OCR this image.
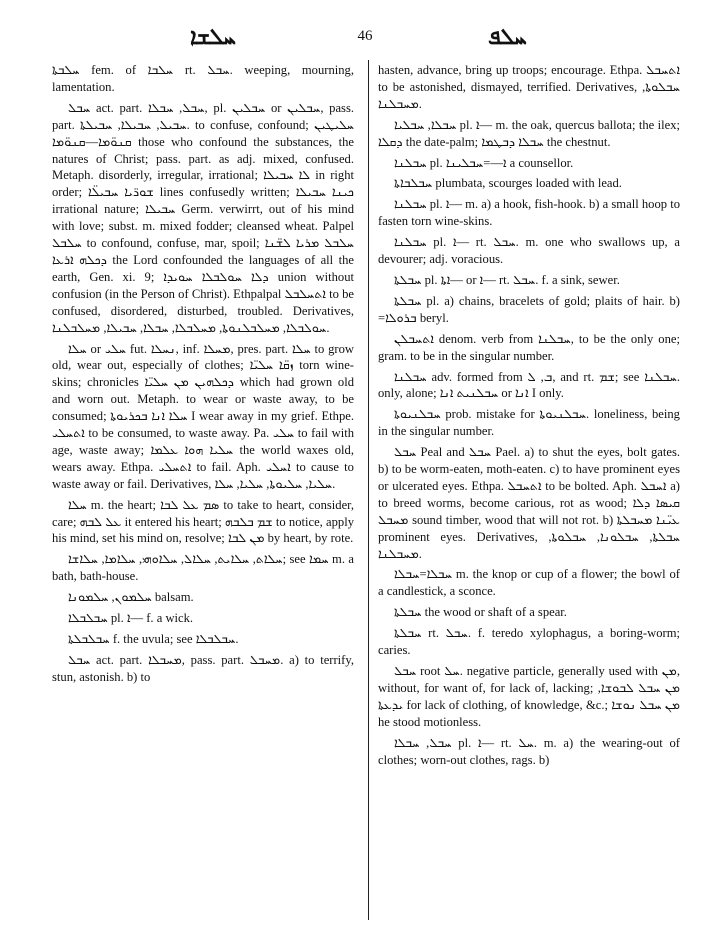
ܚܠܫܐ	46	ܚܠܦ

ܚܠܒܬܐ fem. of ܚܠܒܐ rt. ܚܒܠ. weeping, mourning, lamentation.

ܚܒܠ act. part. ܚܒܠ, ܚܒܠܐ, pl. ܚܒܠܝܢ or ܚܒܠܝܢ, pass. part. ܚܒܝܠ, ܚܒܝܠܐ, ܚܒܝܠܬܐ. to confuse, confound; ܚܠܝܛܝܢ ܩܢܘ̈ܡܐ—ܩܢܘ̈ܡܐ those who confound the substances, the natures of Christ; pass. part. as adj. mixed, confused. Metaph. disorderly, irregular, irrational; ܠܐ ܚܒܝܠܐ in right order; ܫܘܪ̈ܝܐ ܚܒܝܠ̈ܐ lines confusedly written; ܟܝܢܐ ܚܒܝܠܐ irrational nature; ܚܒܝܠܐ Germ. verwirrt, out of his mind with love; subst. m. mixed fodder; cleansed wheat. Palpel ܚܠܒܠ to confound, confuse, mar, spoil; ܚܠܒܠ ܡܪܝܐ ܠܫ̈ܢܐ ܕܟܠܗ ܐܪܥܐ the Lord confounded the languages of all the earth, Gen. xi. 9; ܕܠܐ ܚܘܠܒܠܐ ܚܘܝܕܐ union without confusion (in the Person of Christ). Ethpalpal ܐܬܚܠܒܠ to be confused, disordered, disturbed, troubled. Derivatives, ܚܘܠܒܠܐ, ܡܚܠܒܠܢܘܬܐ, ܡܚܠܒܠܐ, ܚܒܠܐ, ܚܒܝܠܐ, ܡܚܠܒܠܢܐ.

ܚܠܐ or ܚܠܝ fut. ܢܚܠܐ, inf. ܡܚܠܐ, pres. part. ܚܠܐ to grow old, wear out, especially of clothes; ܙܩ̈ܐ ܚܠܝ̈ܐ torn wine-skins; chronicles ܕܟܠܗܝܢ ܡܢ ܚܠܝ̈ܐ which had grown old and worn out. Metaph. to wear or waste away, to be consumed; ܚܠܐ ܐܢܐ ܒܟܪܝܘܬܐ I wear away in my grief. Ethpe. ܐܬܚܠܝ to be consumed, to waste away. Pa. ܚܠܝ to fail with age, waste away; ܚܠܝܐ ܗܘܐ ܥܠܡܐ the world waxes old, wears away. Ethpa. ܐܬܚܠܝ to fail. Aph. ܐܚܠܝ to cause to waste away or fail. Derivatives, ܚܠܝܐ, ܚܠܝܘܬܐ, ܚܠܝܐ, ܚܠܐ.

ܚܠܐ m. the heart; ܣܡ ܥܠ ܠܒܐ to take to heart, consider, care; ܥܠ ܠܒܗ it entered his heart; ܫܡ ܒܠܒܗ to notice, apply his mind, set his mind on, resolve; ܡܢ ܠܒܐ by heart, by rote.

ܚܠܐܬ, ܚܠܐܝܬ, ܚܠܐܠ, ܚܠܐܘܗܝ, ܚܠܐܡܐ, ܚܠܐܫܐ; see ܚܡܐ m. a bath, bath-house.

ܚܠܡܘܢ, ܚܠܡܘܢܐ balsam.

ܚܒܠܒܠܐ pl. ܐ— f. a wick.

ܚܒܠܒܠܬܐ f. the uvula; see ܚܒܠܒܠܐ.

ܚܒܠ act. part. ܡܚܒܠܐ, pass. part. ܡܚܒܠ. a) to terrify, stun, astonish. b) to

hasten, advance, bring up troops; encourage. Ethpa. ܐܬܚܒܠ to be astonished, dismayed, terrified. Derivatives, ܚܒܠܘܬܐ, ܡܚܒܠܢܐ.

ܚܒܠܐ, ܚܒܠܝܐ pl. ܐ— m. the oak, quercus ballota; the ilex; ܕܩܠܐ the date-palm; ܚܒܠܐ ܕܒܛܡܐ the chestnut.

ܚܒܠܢܐ pl. ܐ—=ܚܒܠܝܢܐ a counsellor.

ܚܒܠܒܐܬܐ plumbata, scourges loaded with lead.

ܚܒܠܢܐ pl. ܐ— m. a) a hook, fish-hook. b) a small hoop to fasten torn wine-skins.

ܚܒܠܢܐ pl. ܐ— rt. ܚܒܠ. m. one who swallows up, a devourer; adj. voracious.

ܚܒܠܬܐ pl. ܐܬܐ— or ܐ— rt. ܚܒܠ. f. a sink, sewer.

ܚܒܠܬܐ pl. a) chains, bracelets of gold; plaits of hair. b) =ܒܪܘܠܐ beryl.

ܐܬܚܒܠܢ denom. verb from ܚܒܠܢܐ, to be the only one; gram. to be in the singular number.

ܚܒܠܢܐ adv. formed from ܒ, ܠ, and rt. ܫܡ; see ܚܒܠܢܐ. only, alone; ܚܒܠܢܝܬ ܐܢܐ or ܐܢܐ I only.

ܚܒܠܢܝܘܬܐ prob. mistake for ܚܒܠܢܝܘܬܐ. loneliness, being in the singular number.

ܚܒܠ Peal and ܚܒܠ Pael. a) to shut the eyes, bolt gates. b) to be worm-eaten, moth-eaten. c) to have prominent eyes or ulcerated eyes. Ethpa. ܐܬܚܒܠ to be bolted. Aph. ܐܚܒܠ a) to breed worms, become carious, rot as wood; ܩܝܣܐ ܕܠܐ ܡܚܒܠ sound timber, wood that will not rot. b) ܥܝ̈ܢܐ ܡܚܒܠܬܐ prominent eyes. Derivatives, ܚܒܠܬܐ, ܚܒܠܘܢܐ, ܚܒܠܘܬܐ, ܡܚܒܠܢܐ.

ܚܒܠܐ=ܚܒܠܐ m. the knop or cup of a flower; the bowl of a candlestick, a sconce.

ܚܒܠܬܐ the wood or shaft of a spear.

ܚܒܠܬܐ rt. ܚܒܠ. f. teredo xylophagus, a boring-worm; caries.

ܚܒܠ root ܚܠ. negative particle, generally used with ܡܢ, without, for want of, for lack of, lacking; ܡܢ ܚܒܠ ܠܒܘܫܐ, ܝܕܥܬܐ for lack of clothing, of knowledge, &c.; ܡܢ ܚܒܠ ܢܘܫܐ he stood motionless.

ܚܒܠ, ܚܒܠܐ pl. ܐ— rt. ܚܠ. m. a) the wearing-out of clothes; worn-out clothes, rags. b)
